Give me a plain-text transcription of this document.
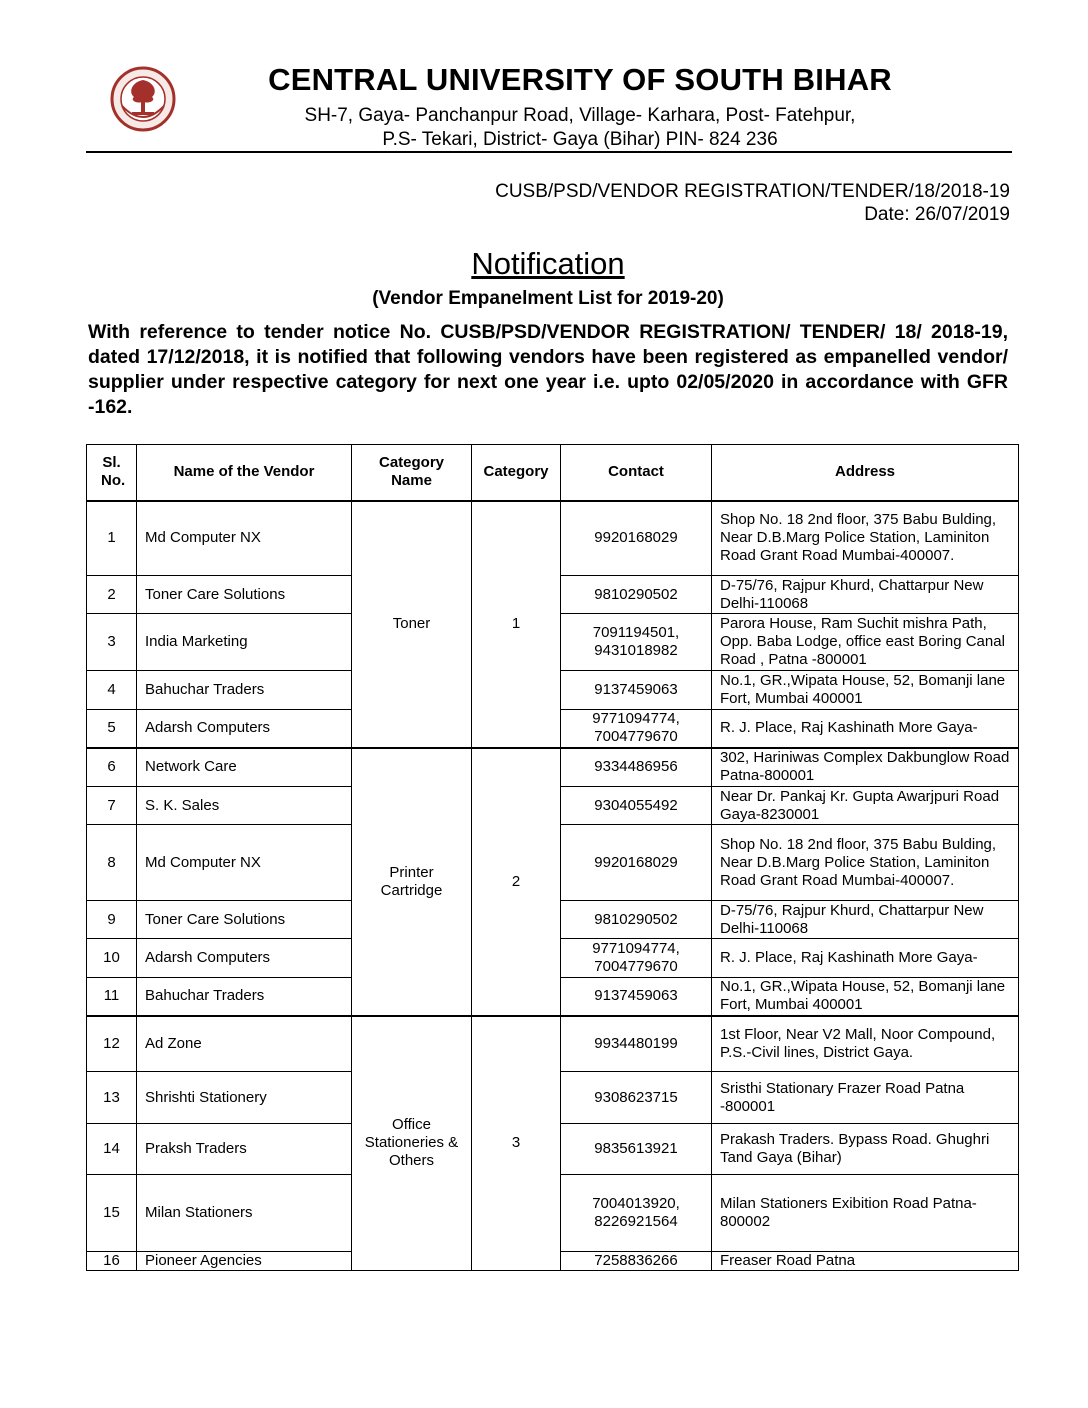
CENTRAL UNIVERSITY OF SOUTH BIHAR
SH-7, Gaya- Panchanpur Road, Village- Karhara, Post- Fatehpur,
P.S- Tekari, District- Gaya (Bihar) PIN- 824 236
CUSB/PSD/VENDOR REGISTRATION/TENDER/18/2018-19
Date: 26/07/2019
Notification
(Vendor Empanelment List for 2019-20)
With reference to tender notice No. CUSB/PSD/VENDOR REGISTRATION/ TENDER/ 18/ 2018-19, dated 17/12/2018, it is notified that following vendors have been registered as empanelled vendor/ supplier under respective category for next one year i.e. upto 02/05/2020 in accordance with GFR -162.
Sl. No.	Name of the Vendor	Category Name	Category	Contact	Address
1	Md Computer NX	Toner	1	9920168029	Shop No. 18 2nd floor, 375 Babu Bulding, Near D.B.Marg Police Station, Laminiton Road Grant Road Mumbai-400007.
2	Toner Care Solutions			9810290502	D-75/76, Rajpur Khurd, Chattarpur New Delhi-110068
3	India Marketing			7091194501, 9431018982	Parora House, Ram Suchit mishra Path, Opp. Baba Lodge, office east Boring Canal Road , Patna -800001
4	Bahuchar Traders			9137459063	No.1, GR.,Wipata House, 52, Bomanji lane Fort, Mumbai 400001
5	Adarsh Computers			9771094774, 7004779670	R. J. Place, Raj Kashinath More Gaya-
6	Network Care	Printer Cartridge	2	9334486956	302, Hariniwas Complex Dakbunglow Road Patna-800001
7	S. K. Sales			9304055492	Near Dr. Pankaj Kr. Gupta Awarjpuri Road Gaya-8230001
8	Md Computer NX			9920168029	Shop No. 18 2nd floor, 375 Babu Bulding, Near D.B.Marg Police Station, Laminiton Road Grant Road Mumbai-400007.
9	Toner Care Solutions			9810290502	D-75/76, Rajpur Khurd, Chattarpur New Delhi-110068
10	Adarsh Computers			9771094774, 7004779670	R. J. Place, Raj Kashinath More Gaya-
11	Bahuchar Traders			9137459063	No.1, GR.,Wipata House, 52, Bomanji lane Fort, Mumbai 400001
12	Ad Zone	Office Stationeries & Others	3	9934480199	1st Floor, Near V2 Mall, Noor Compound, P.S.-Civil lines, District Gaya.
13	Shrishti Stationery			9308623715	Sristhi Stationary Frazer Road Patna -800001
14	Praksh Traders			9835613921	Prakash Traders. Bypass Road. Ghughri Tand Gaya (Bihar)
15	Milan Stationers			7004013920, 8226921564	Milan Stationers Exibition Road Patna-800002
16	Pioneer Agencies			7258836266	Freaser Road Patna
